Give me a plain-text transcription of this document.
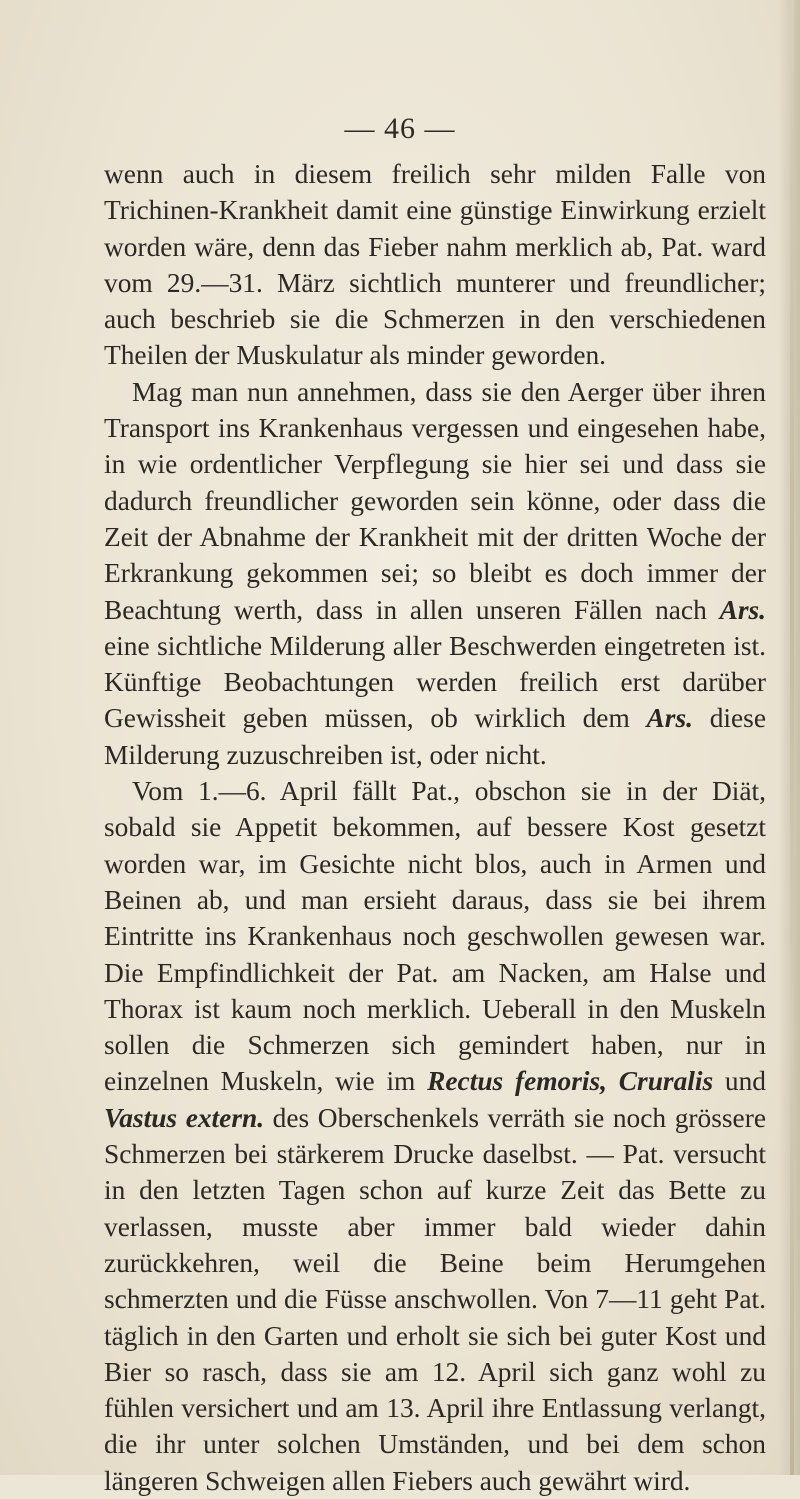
— 46 —

wenn auch in diesem freilich sehr milden Falle von Trichinen-Krankheit damit eine günstige Einwirkung erzielt worden wäre, denn das Fieber nahm merklich ab, Pat. ward vom 29.—31. März sichtlich munterer und freundlicher; auch beschrieb sie die Schmerzen in den verschiedenen Theilen der Muskulatur als minder geworden.

Mag man nun annehmen, dass sie den Aerger über ihren Transport ins Krankenhaus vergessen und eingesehen habe, in wie ordentlicher Verpflegung sie hier sei und dass sie dadurch freundlicher geworden sein könne, oder dass die Zeit der Abnahme der Krankheit mit der dritten Woche der Erkrankung gekommen sei; so bleibt es doch immer der Beachtung werth, dass in allen unseren Fällen nach Ars. eine sichtliche Milderung aller Beschwerden eingetreten ist. Künftige Beobachtungen werden freilich erst darüber Gewissheit geben müssen, ob wirklich dem Ars. diese Milderung zuzuschreiben ist, oder nicht.

Vom 1.—6. April fällt Pat., obschon sie in der Diät, sobald sie Appetit bekommen, auf bessere Kost gesetzt worden war, im Gesichte nicht blos, auch in Armen und Beinen ab, und man ersieht daraus, dass sie bei ihrem Eintritte ins Krankenhaus noch geschwollen gewesen war. Die Empfindlichkeit der Pat. am Nacken, am Halse und Thorax ist kaum noch merklich. Ueberall in den Muskeln sollen die Schmerzen sich gemindert haben, nur in einzelnen Muskeln, wie im Rectus femoris, Cruralis und Vastus extern. des Oberschenkels verräth sie noch grössere Schmerzen bei stärkerem Drucke daselbst. — Pat. versucht in den letzten Tagen schon auf kurze Zeit das Bette zu verlassen, musste aber immer bald wieder dahin zurückkehren, weil die Beine beim Herumgehen schmerzten und die Füsse anschwollen. Von 7—11 geht Pat. täglich in den Garten und erholt sie sich bei guter Kost und Bier so rasch, dass sie am 12. April sich ganz wohl zu fühlen versichert und am 13. April ihre Entlassung verlangt, die ihr unter solchen Umständen, und bei dem schon längeren Schweigen allen Fiebers auch gewährt wird.
